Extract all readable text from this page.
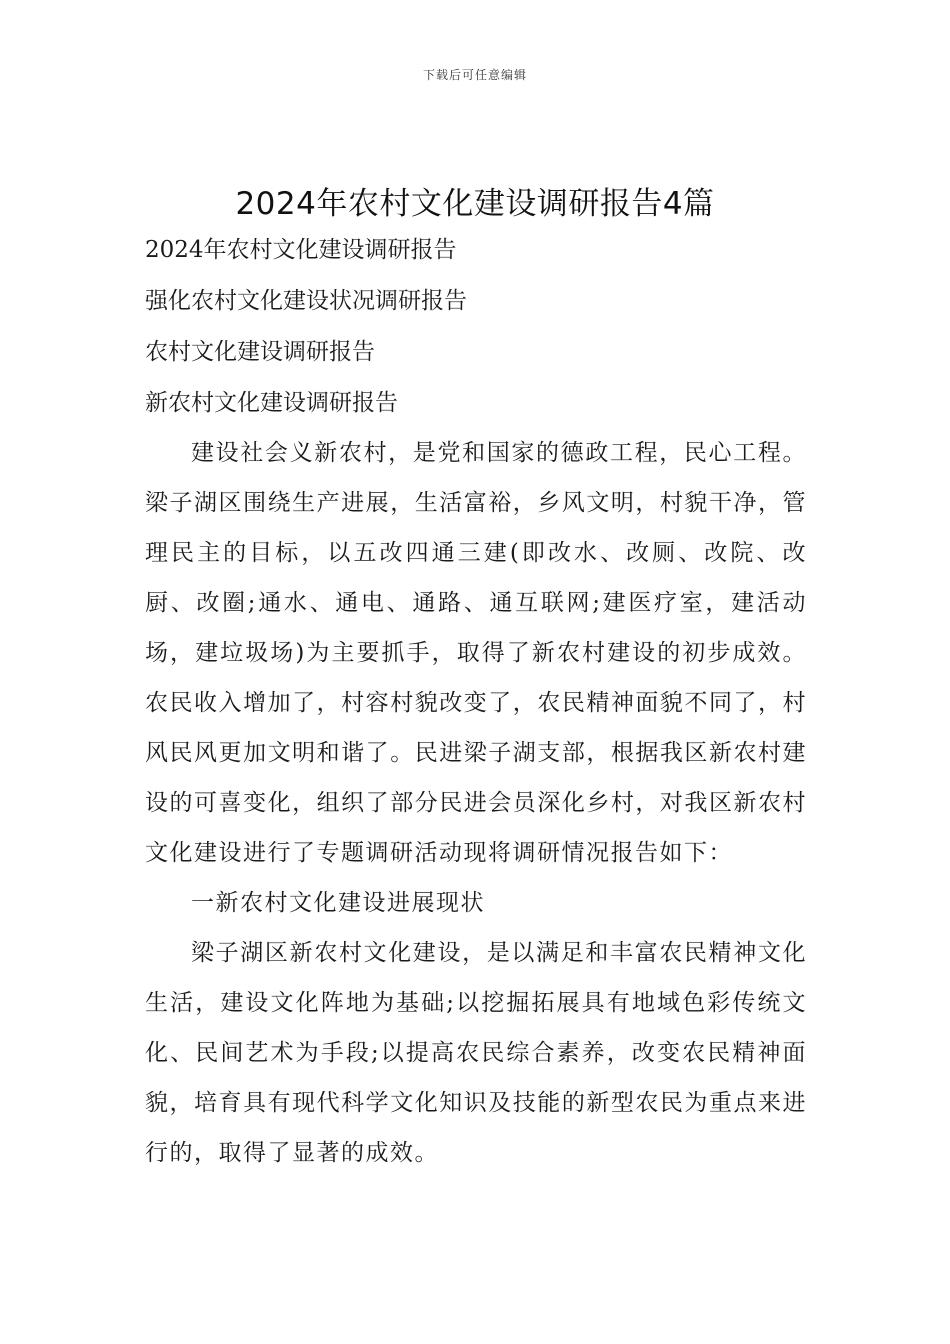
下载后可任意编辑
2024年农村文化建设调研报告4篇
2024年农村文化建设调研报告
强化农村文化建设状况调研报告
农村文化建设调研报告
新农村文化建设调研报告

建设社会义新农村，是党和国家的德政工程，民心工程。梁子湖区围绕生产进展，生活富裕，乡风文明，村貌干净，管理民主的目标，以五改四通三建(即改水、改厕、改院、改厨、改圈;通水、通电、通路、通互联网;建医疗室，建活动场，建垃圾场)为主要抓手，取得了新农村建设的初步成效。农民收入增加了，村容村貌改变了，农民精神面貌不同了，村风民风更加文明和谐了。民进梁子湖支部，根据我区新农村建设的可喜变化，组织了部分民进会员深化乡村，对我区新农村文化建设进行了专题调研活动现将调研情况报告如下：

一新农村文化建设进展现状

梁子湖区新农村文化建设，是以满足和丰富农民精神文化生活，建设文化阵地为基础;以挖掘拓展具有地域色彩传统文化、民间艺术为手段;以提高农民综合素养，改变农民精神面貌，培育具有现代科学文化知识及技能的新型农民为重点来进行的，取得了显著的成效。
